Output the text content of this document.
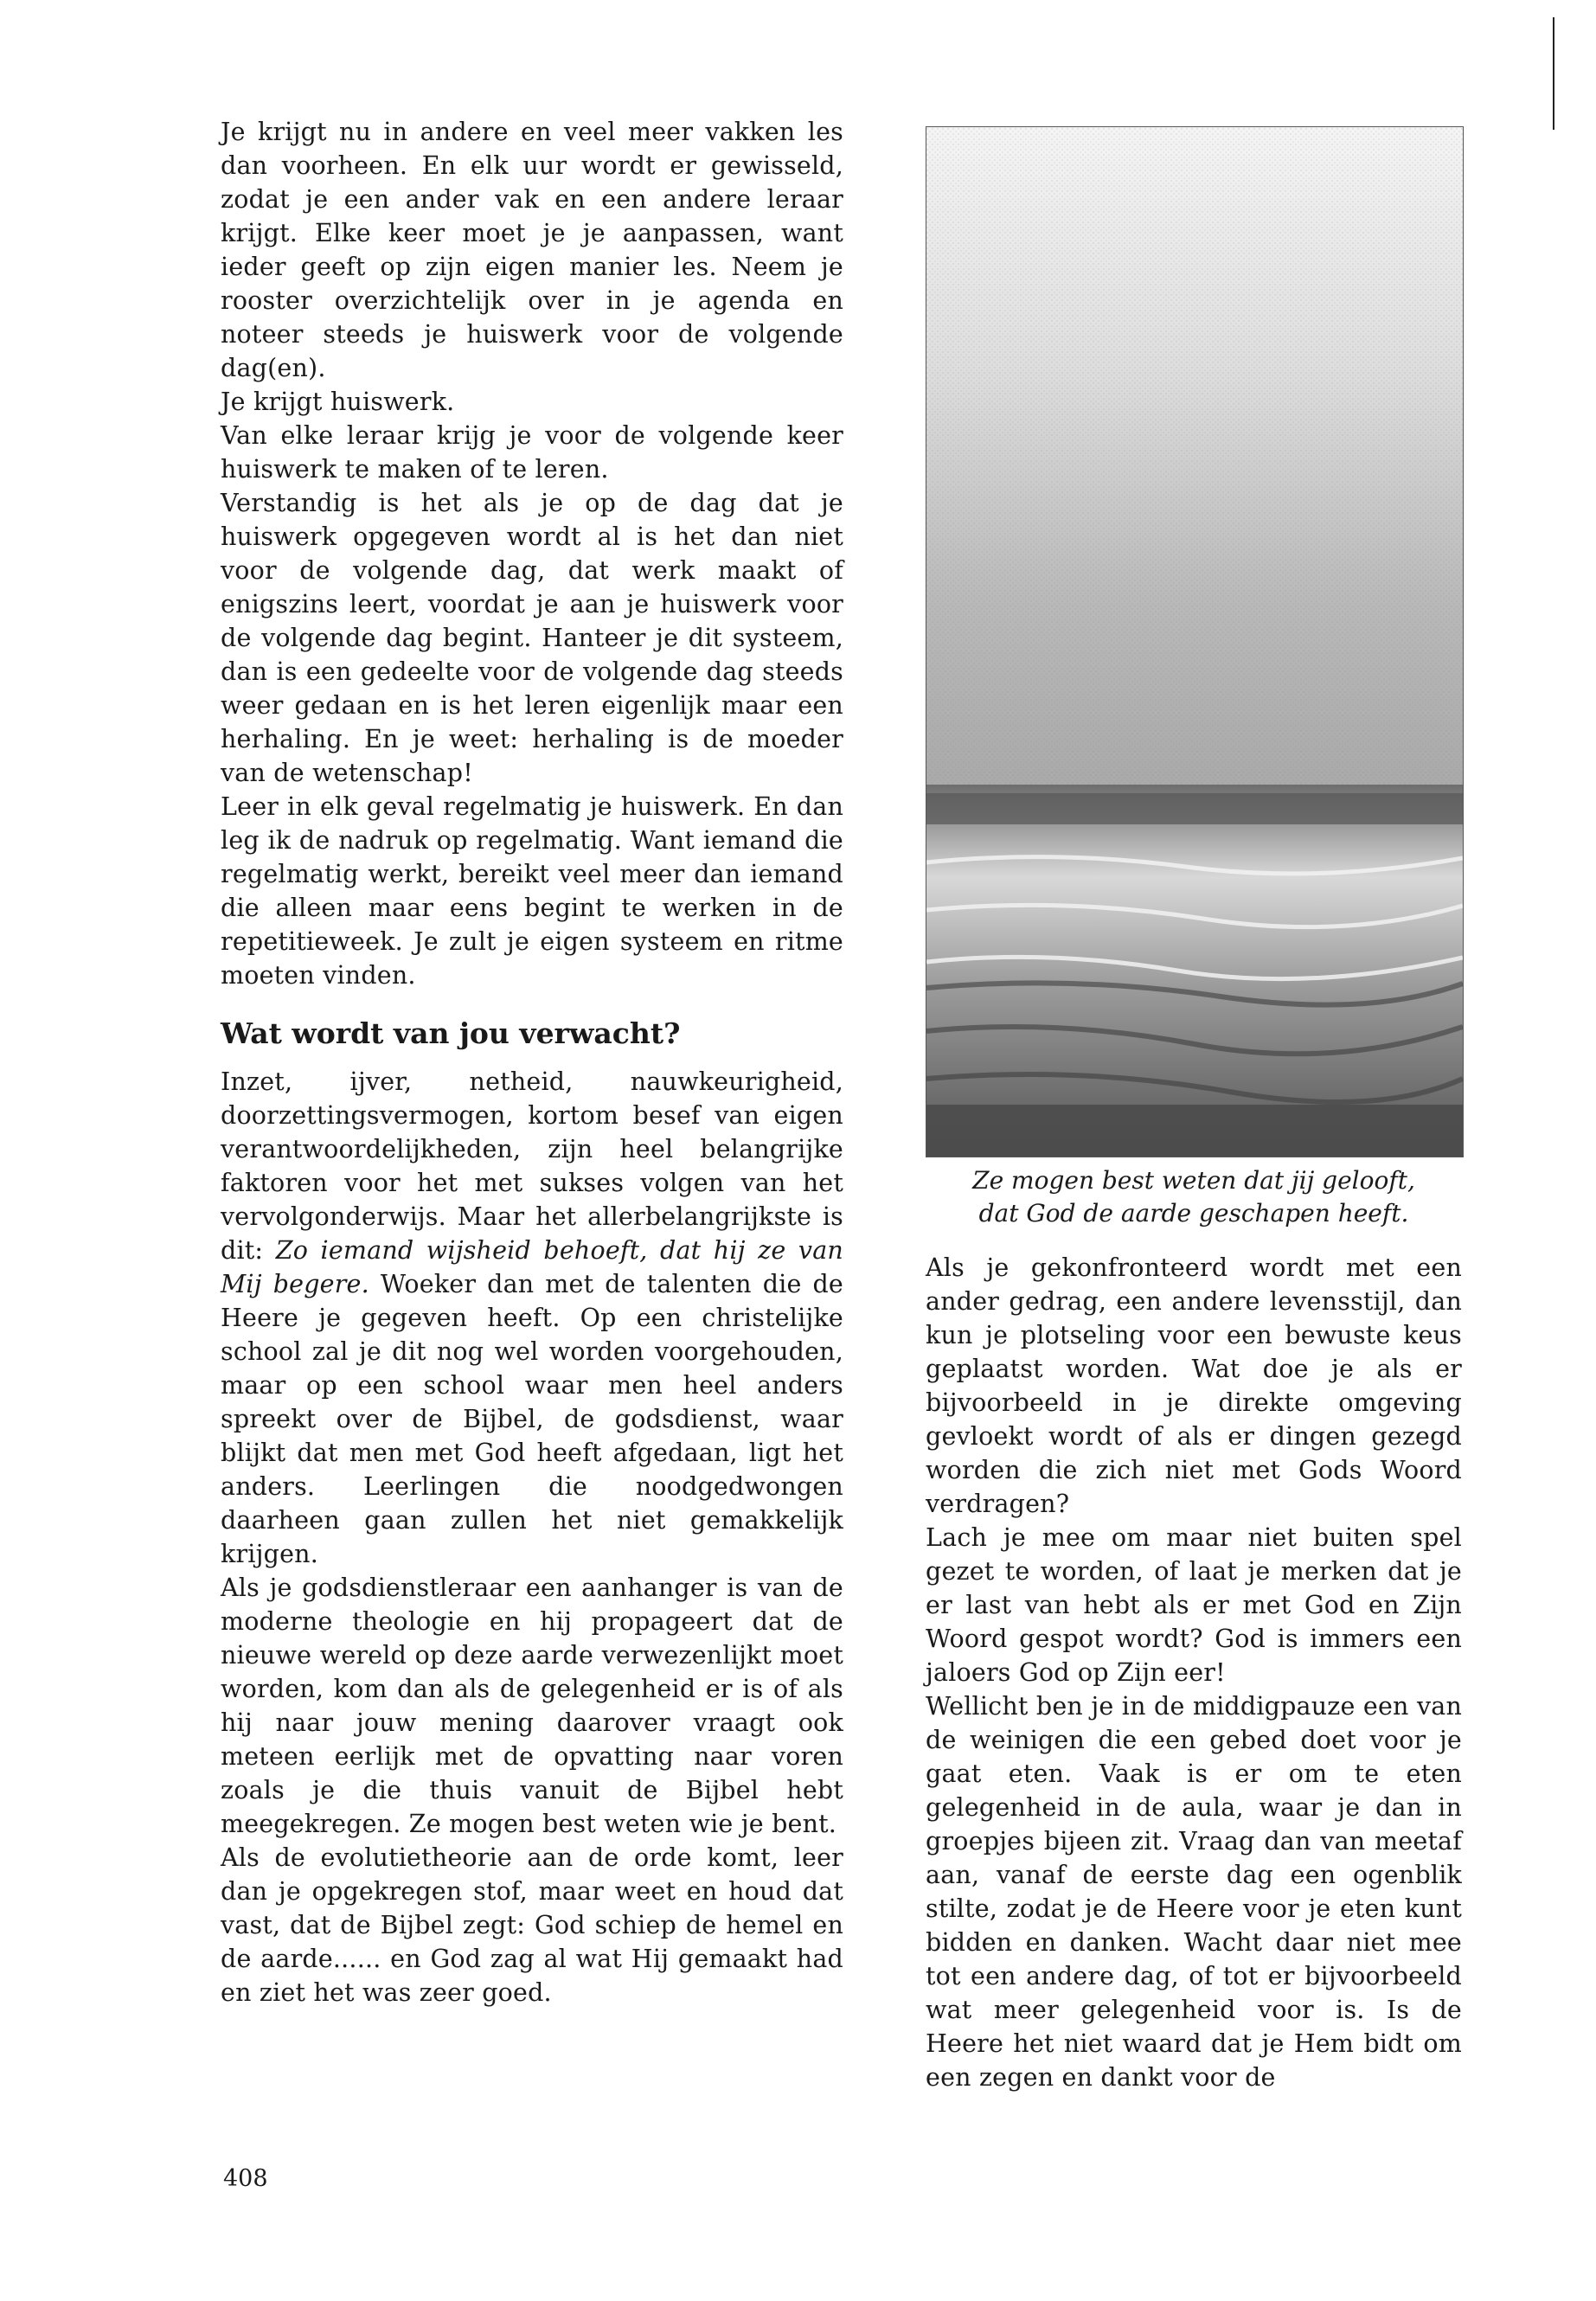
Je krijgt nu in andere en veel meer vakken les dan voorheen. En elk uur wordt er gewisseld, zodat je een ander vak en een andere leraar krijgt. Elke keer moet je je aanpassen, want ieder geeft op zijn eigen manier les. Neem je rooster overzichtelijk over in je agenda en noteer steeds je huiswerk voor de volgende dag(en).

Je krijgt huiswerk.

Van elke leraar krijg je voor de volgende keer huiswerk te maken of te leren.

Verstandig is het als je op de dag dat je huiswerk opgegeven wordt al is het dan niet voor de volgende dag, dat werk maakt of enigszins leert, voordat je aan je huiswerk voor de volgende dag begint. Hanteer je dit systeem, dan is een gedeelte voor de volgende dag steeds weer gedaan en is het leren eigenlijk maar een herhaling. En je weet: herhaling is de moeder van de wetenschap!

Leer in elk geval regelmatig je huiswerk. En dan leg ik de nadruk op regelmatig. Want iemand die regelmatig werkt, bereikt veel meer dan iemand die alleen maar eens begint te werken in de repetitieweek. Je zult je eigen systeem en ritme moeten vinden.

Wat wordt van jou verwacht?

Inzet, ijver, netheid, nauwkeurigheid, doorzettingsvermogen, kortom besef van eigen verantwoordelijkheden, zijn heel belangrijke faktoren voor het met sukses volgen van het vervolgonderwijs. Maar het allerbelangrijkste is dit: Zo iemand wijsheid behoeft, dat hij ze van Mij begere. Woeker dan met de talenten die de Heere je gegeven heeft. Op een christelijke school zal je dit nog wel worden voorgehouden, maar op een school waar men heel anders spreekt over de Bijbel, de godsdienst, waar blijkt dat men met God heeft afgedaan, ligt het anders. Leerlingen die noodgedwongen daarheen gaan zullen het niet gemakkelijk krijgen.

Als je godsdienstleraar een aanhanger is van de moderne theologie en hij propageert dat de nieuwe wereld op deze aarde verwezenlijkt moet worden, kom dan als de gelegenheid er is of als hij naar jouw mening daarover vraagt ook meteen eerlijk met de opvatting naar voren zoals je die thuis vanuit de Bijbel hebt meegekregen. Ze mogen best weten wie je bent.

Als de evolutietheorie aan de orde komt, leer dan je opgekregen stof, maar weet en houd dat vast, dat de Bijbel zegt: God schiep de hemel en de aarde...... en God zag al wat Hij gemaakt had en ziet het was zeer goed.

Ze mogen best weten dat jij gelooft,
dat God de aarde geschapen heeft.

Als je gekonfronteerd wordt met een ander gedrag, een andere levensstijl, dan kun je plotseling voor een bewuste keus geplaatst worden. Wat doe je als er bijvoorbeeld in je direkte omgeving gevloekt wordt of als er dingen gezegd worden die zich niet met Gods Woord verdragen?

Lach je mee om maar niet buiten spel gezet te worden, of laat je merken dat je er last van hebt als er met God en Zijn Woord gespot wordt? God is immers een jaloers God op Zijn eer!

Wellicht ben je in de middigpauze een van de weinigen die een gebed doet voor je gaat eten. Vaak is er om te eten gelegenheid in de aula, waar je dan in groepjes bijeen zit. Vraag dan van meetaf aan, vanaf de eerste dag een ogenblik stilte, zodat je de Heere voor je eten kunt bidden en danken. Wacht daar niet mee tot een andere dag, of tot er bijvoorbeeld wat meer gelegenheid voor is. Is de Heere het niet waard dat je Hem bidt om een zegen en dankt voor de

408
